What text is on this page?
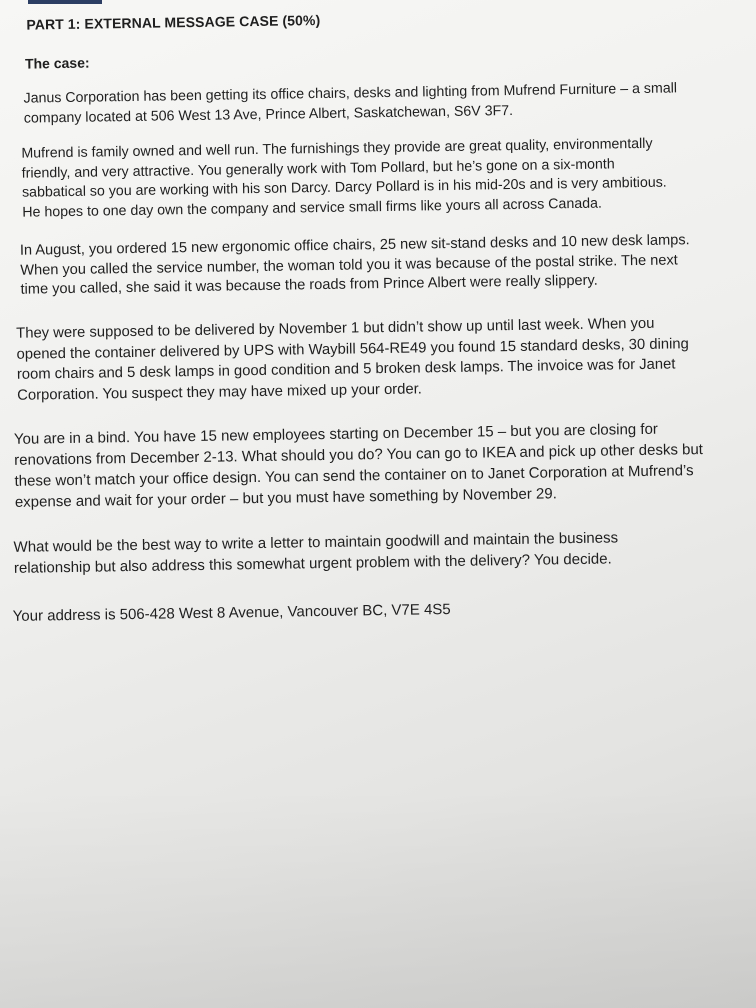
PART 1: EXTERNAL MESSAGE CASE (50%)
The case:

Janus Corporation has been getting its office chairs, desks and lighting from Mufrend Furniture – a small
company located at 506 West 13 Ave, Prince Albert, Saskatchewan, S6V 3F7.

Mufrend is family owned and well run. The furnishings they provide are great quality, environmentally
friendly, and very attractive. You generally work with Tom Pollard, but he’s gone on a six-month
sabbatical so you are working with his son Darcy. Darcy Pollard is in his mid-20s and is very ambitious.
He hopes to one day own the company and service small firms like yours all across Canada.

In August, you ordered 15 new ergonomic office chairs, 25 new sit-stand desks and 10 new desk lamps.
When you called the service number, the woman told you it was because of the postal strike. The next
time you called, she said it was because the roads from Prince Albert were really slippery.

They were supposed to be delivered by November 1 but didn’t show up until last week. When you
opened the container delivered by UPS with Waybill 564-RE49 you found 15 standard desks, 30 dining
room chairs and 5 desk lamps in good condition and 5 broken desk lamps. The invoice was for Janet
Corporation. You suspect they may have mixed up your order.

You are in a bind. You have 15 new employees starting on December 15 – but you are closing for
renovations from December 2-13. What should you do? You can go to IKEA and pick up other desks but
these won’t match your office design. You can send the container on to Janet Corporation at Mufrend’s
expense and wait for your order – but you must have something by November 29.

What would be the best way to write a letter to maintain goodwill and maintain the business
relationship but also address this somewhat urgent problem with the delivery? You decide.

Your address is 506-428 West 8 Avenue, Vancouver BC, V7E 4S5
